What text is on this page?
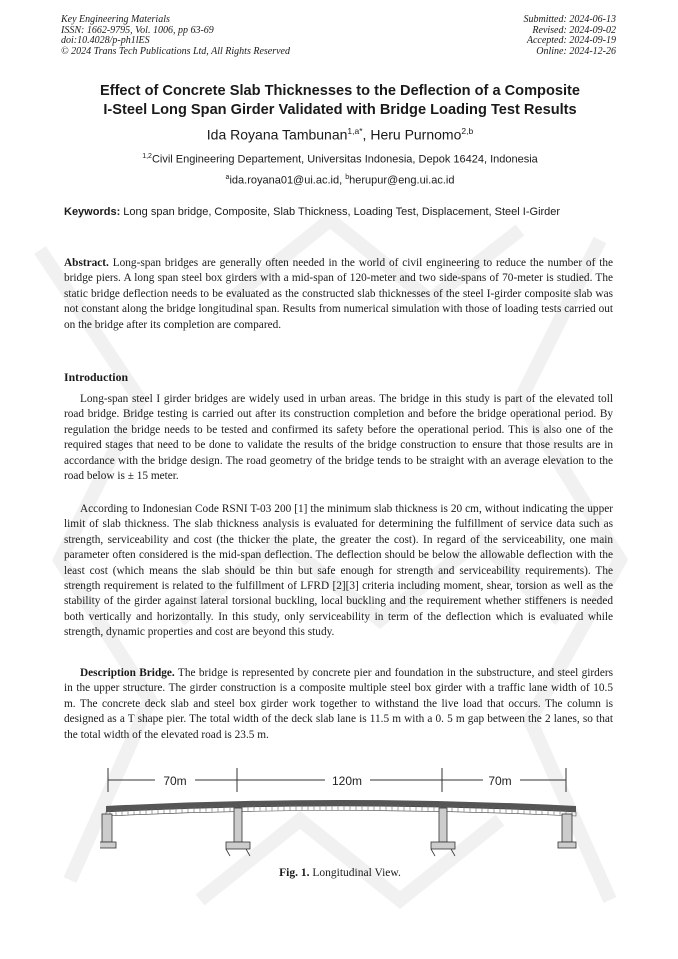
Key Engineering Materials
ISSN: 1662-9795, Vol. 1006, pp 63-69
doi:10.4028/p-ph1lES
© 2024 Trans Tech Publications Ltd, All Rights Reserved
Submitted: 2024-06-13
Revised: 2024-09-02
Accepted: 2024-09-19
Online: 2024-12-26
Effect of Concrete Slab Thicknesses to the Deflection of a Composite
I-Steel Long Span Girder Validated with Bridge Loading Test Results
Ida Royana Tambunan$^{1,a*}$, Heru Purnomo$^{2,b}$
$^{1,2}$Civil Engineering Departement, Universitas Indonesia, Depok 16424, Indonesia
$^a$ida.royana01@ui.ac.id, $^b$herupur@eng.ui.ac.id

Keywords: Long span bridge, Composite, Slab Thickness, Loading Test, Displacement, Steel I-Girder

Abstract. Long-span bridges are generally often needed in the world of civil engineering to reduce the number of the bridge piers. A long span steel box girders with a mid-span of 120-meter and two side-spans of 70-meter is studied. The static bridge deflection needs to be evaluated as the constructed slab thicknesses of the steel I-girder composite slab was not constant along the bridge longitudinal span. Results from numerical simulation with those of loading tests carried out on the bridge after its completion are compared.

Introduction

Long-span steel I girder bridges are widely used in urban areas. The bridge in this study is part of the elevated toll road bridge. Bridge testing is carried out after its construction completion and before the bridge operational period. By regulation the bridge needs to be tested and confirmed its safety before the operational period. This is also one of the required stages that need to be done to validate the results of the bridge construction to ensure that those results are in accordance with the bridge design. The road geometry of the bridge tends to be straight with an average elevation to the road below is ± 15 meter.

According to Indonesian Code RSNI T-03 200 [1] the minimum slab thickness is 20 cm, without indicating the upper limit of slab thickness. The slab thickness analysis is evaluated for determining the fulfillment of service data such as strength, serviceability and cost (the thicker the plate, the greater the cost). In regard of the serviceability, one main parameter often considered is the mid-span deflection. The deflection should be below the allowable deflection with the least cost (which means the slab should be thin but safe enough for strength and serviceability requirements). The strength requirement is related to the fulfillment of LFRD [2][3] criteria including moment, shear, torsion as well as the stability of the girder against lateral torsional buckling, local buckling and the requirement whether stiffeners is needed both vertically and horizontally. In this study, only serviceability in term of the deflection which is evaluated while strength, dynamic properties and cost are beyond this study.

Description Bridge. The bridge is represented by concrete pier and foundation in the substructure, and steel girders in the upper structure. The girder construction is a composite multiple steel box girder with a traffic lane width of 10.5 m. The concrete deck slab and steel box girder work together to withstand the live load that occurs. The column is designed as a T shape pier. The total width of the deck slab lane is 11.5 m with a 0. 5 m gap between the 2 lanes, so that the total width of the elevated road is 23.5 m.

70m	120m	70m
Fig. 1. Longitudinal View.
